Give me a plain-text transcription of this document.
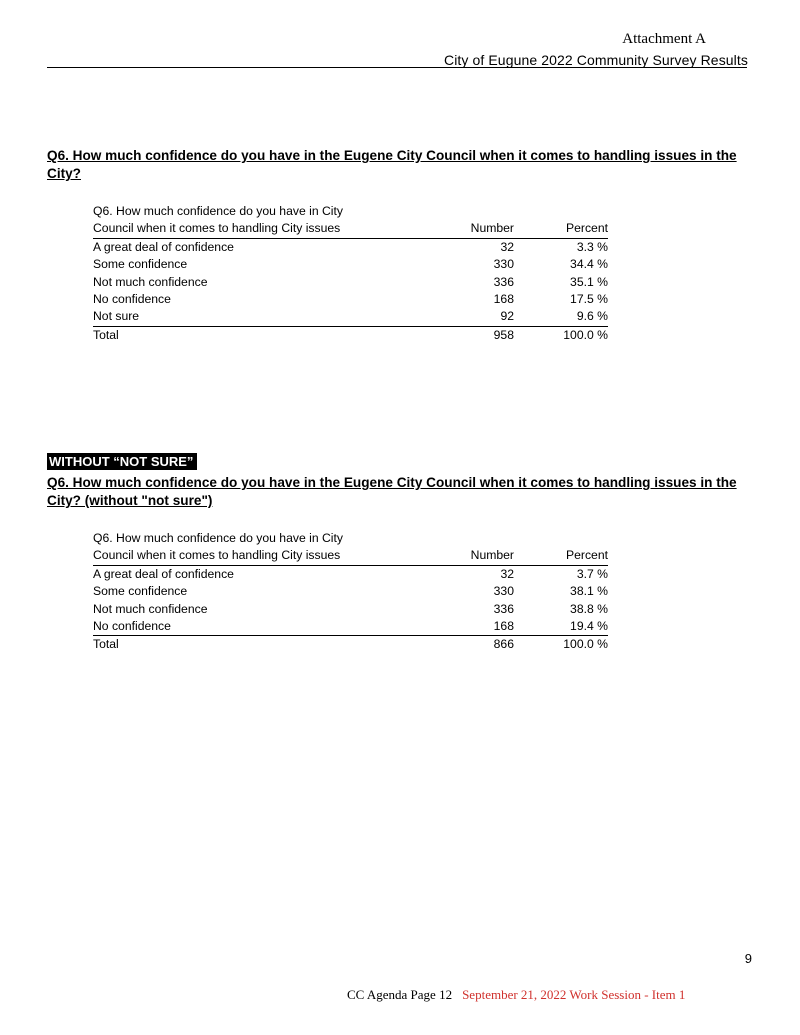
Attachment A
City of Eugune 2022 Community Survey Results
Q6. How much confidence do you have in the Eugene City Council when it comes to handling issues in the City?
Q6. How much confidence do you have in City		
Council when it comes to handling City issues	Number	Percent
A great deal of confidence	32	3.3 %
Some confidence	330	34.4 %
Not much confidence	336	35.1 %
No confidence	168	17.5 %
Not sure	92	9.6 %
Total	958	100.0 %
WITHOUT “NOT SURE”
Q6. How much confidence do you have in the Eugene City Council when it comes to handling issues in the City? (without "not sure")
Q6. How much confidence do you have in City		
Council when it comes to handling City issues	Number	Percent
A great deal of confidence	32	3.7 %
Some confidence	330	38.1 %
Not much confidence	336	38.8 %
No confidence	168	19.4 %
Total	866	100.0 %
9
CC Agenda Page 12 September 21, 2022 Work Session - Item 1
